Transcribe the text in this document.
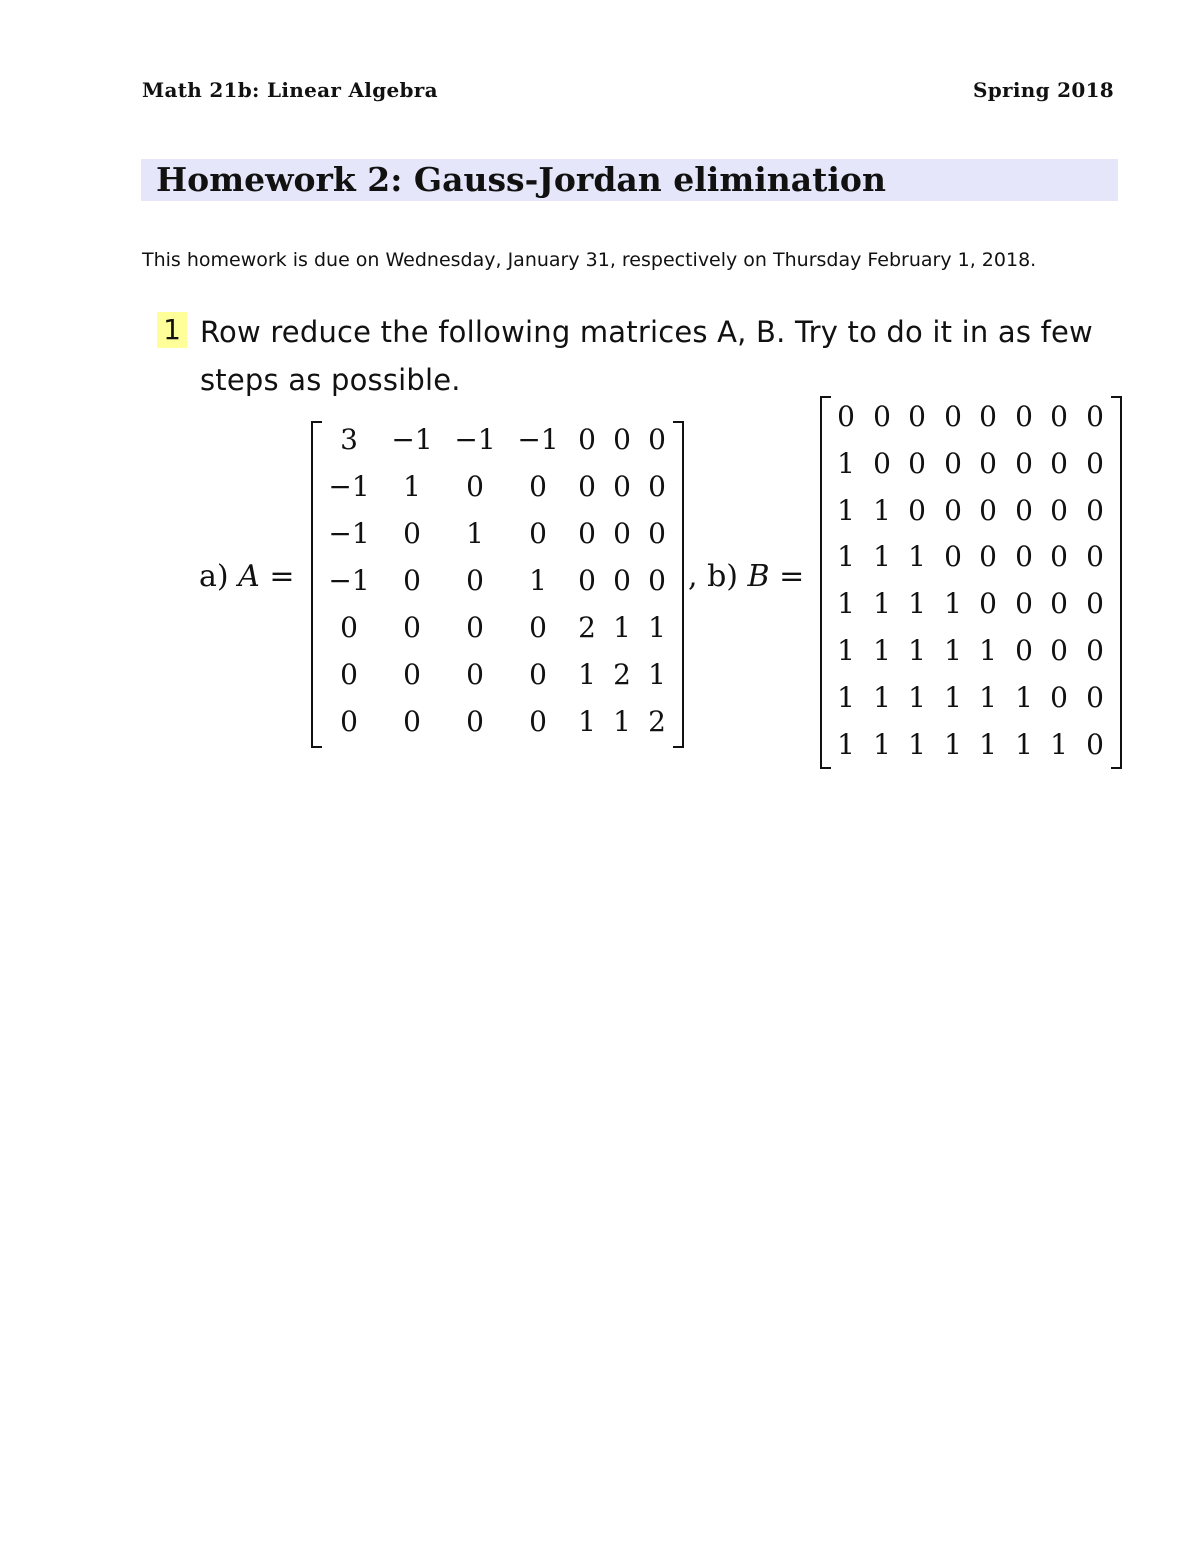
Math 21b: Linear Algebra	Spring 2018
Homework 2: Gauss-Jordan elimination
This homework is due on Wednesday, January 31, respectively on Thursday February 1, 2018.
1 Row reduce the following matrices A, B. Try to do it in as few steps as possible.
a) A =	, b) B =
3	−1 −1 −1 0 0 0
−1	1	0	0	0 0 0
−1	0	1	0	0 0 0
−1	0	0	1	0 0 0
0	0	0	0	2 1 1
0	0	0	0	1 2 1
0	0	0	0	1 1 2
0 0 0 0 0 0 0 0
1 0 0 0 0 0 0 0
1 1 0 0 0 0 0 0
1 1 1 0 0 0 0 0
1 1 1 1 0 0 0 0
1 1 1 1 1 0 0 0
1 1 1 1 1 1 0 0
1 1 1 1 1 1 1 0
